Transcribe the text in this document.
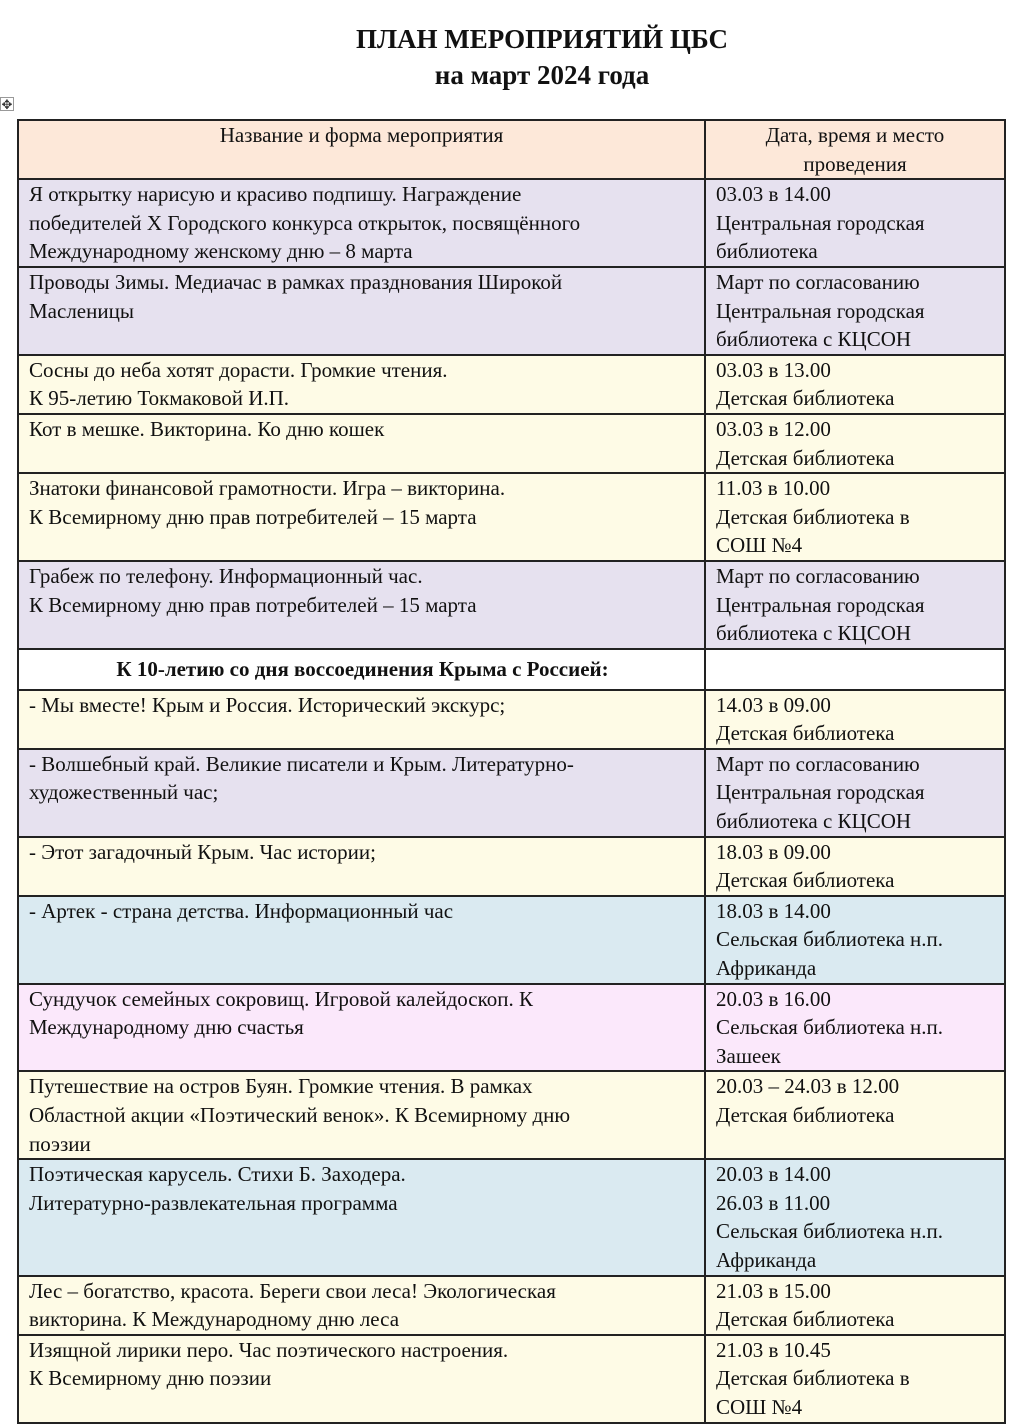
ПЛАН МЕРОПРИЯТИЙ ЦБС
на март 2024 года
✥
Название и форма мероприятия	Дата, время и место проведения

Я открытку нарисую и красиво подпишу. Награждение
победителей X Городского конкурса открыток, посвящённого
Международному женскому дню – 8 марта	03.03 в 14.00
Центральная городская
библиотека

Проводы Зимы. Медиачас в рамках празднования Широкой
Масленицы	Март по согласованию
Центральная городская
библиотека с КЦСОН

Сосны до неба хотят дорасти. Громкие чтения.
К 95-летию Токмаковой И.П.	03.03 в 13.00
Детская библиотека

Кот в мешке. Викторина. Ко дню кошек	03.03 в 12.00
Детская библиотека

Знатоки финансовой грамотности. Игра – викторина.
К Всемирному дню прав потребителей – 15 марта	11.03 в 10.00
Детская библиотека в
СОШ №4

Грабеж по телефону. Информационный час.
К Всемирному дню прав потребителей – 15 марта	Март по согласованию
Центральная городская
библиотека с КЦСОН

К 10-летию со дня воссоединения Крыма с Россией:	

- Мы вместе! Крым и Россия. Исторический экскурс;	14.03 в 09.00
Детская библиотека

- Волшебный край. Великие писатели и Крым. Литературно-
художественный час;	Март по согласованию
Центральная городская
библиотека с КЦСОН

- Этот загадочный Крым. Час истории;	18.03 в 09.00
Детская библиотека

- Артек - страна детства. Информационный час	18.03 в 14.00
Сельская библиотека н.п.
Африканда

Сундучок семейных сокровищ. Игровой калейдоскоп. К
Международному дню счастья	20.03 в 16.00
Сельская библиотека н.п.
Зашеек

Путешествие на остров Буян. Громкие чтения. В рамках
Областной акции «Поэтический венок». К Всемирному дню
поэзии	20.03 – 24.03 в 12.00
Детская библиотека

Поэтическая карусель. Стихи Б. Заходера.
Литературно-развлекательная программа	20.03 в 14.00
26.03 в 11.00
Сельская библиотека н.п.
Африканда

Лес – богатство, красота. Береги свои леса! Экологическая
викторина. К Международному дню леса	21.03 в 15.00
Детская библиотека

Изящной лирики перо. Час поэтического настроения.
К Всемирному дню поэзии	21.03 в 10.45
Детская библиотека в
СОШ №4
